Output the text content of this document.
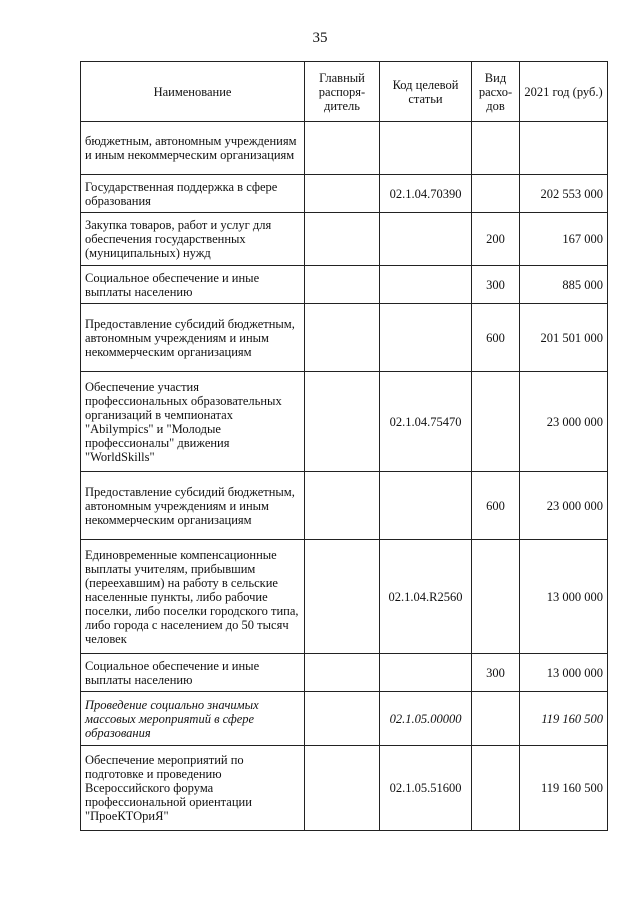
35
Наименование	Главный распоря-дитель	Код целевой статьи	Вид расхо-дов	2021 год (руб.)
бюджетным, автономным учреждениям и иным некоммерческим организациям				
Государственная поддержка в сфере образования		02.1.04.70390		202 553 000
Закупка товаров, работ и услуг для обеспечения государственных (муниципальных) нужд			200	167 000
Социальное обеспечение и иные выплаты населению			300	885 000
Предоставление субсидий бюджетным, автономным учреждениям и иным некоммерческим организациям			600	201 501 000
Обеспечение участия профессиональных образовательных организаций в чемпионатах "Abilympics" и "Молодые профессионалы" движения "WorldSkills"		02.1.04.75470		23 000 000
Предоставление субсидий бюджетным, автономным учреждениям и иным некоммерческим организациям			600	23 000 000
Единовременные компенсационные выплаты учителям, прибывшим (переехавшим) на работу в сельские населенные пункты, либо рабочие поселки, либо поселки городского типа, либо города с населением до 50 тысяч человек		02.1.04.R2560		13 000 000
Социальное обеспечение и иные выплаты населению			300	13 000 000
Проведение социально значимых массовых мероприятий в сфере образования		02.1.05.00000		119 160 500
Обеспечение мероприятий по подготовке и проведению Всероссийского форума профессиональной ориентации "ПроеКТОриЯ"		02.1.05.51600		119 160 500
